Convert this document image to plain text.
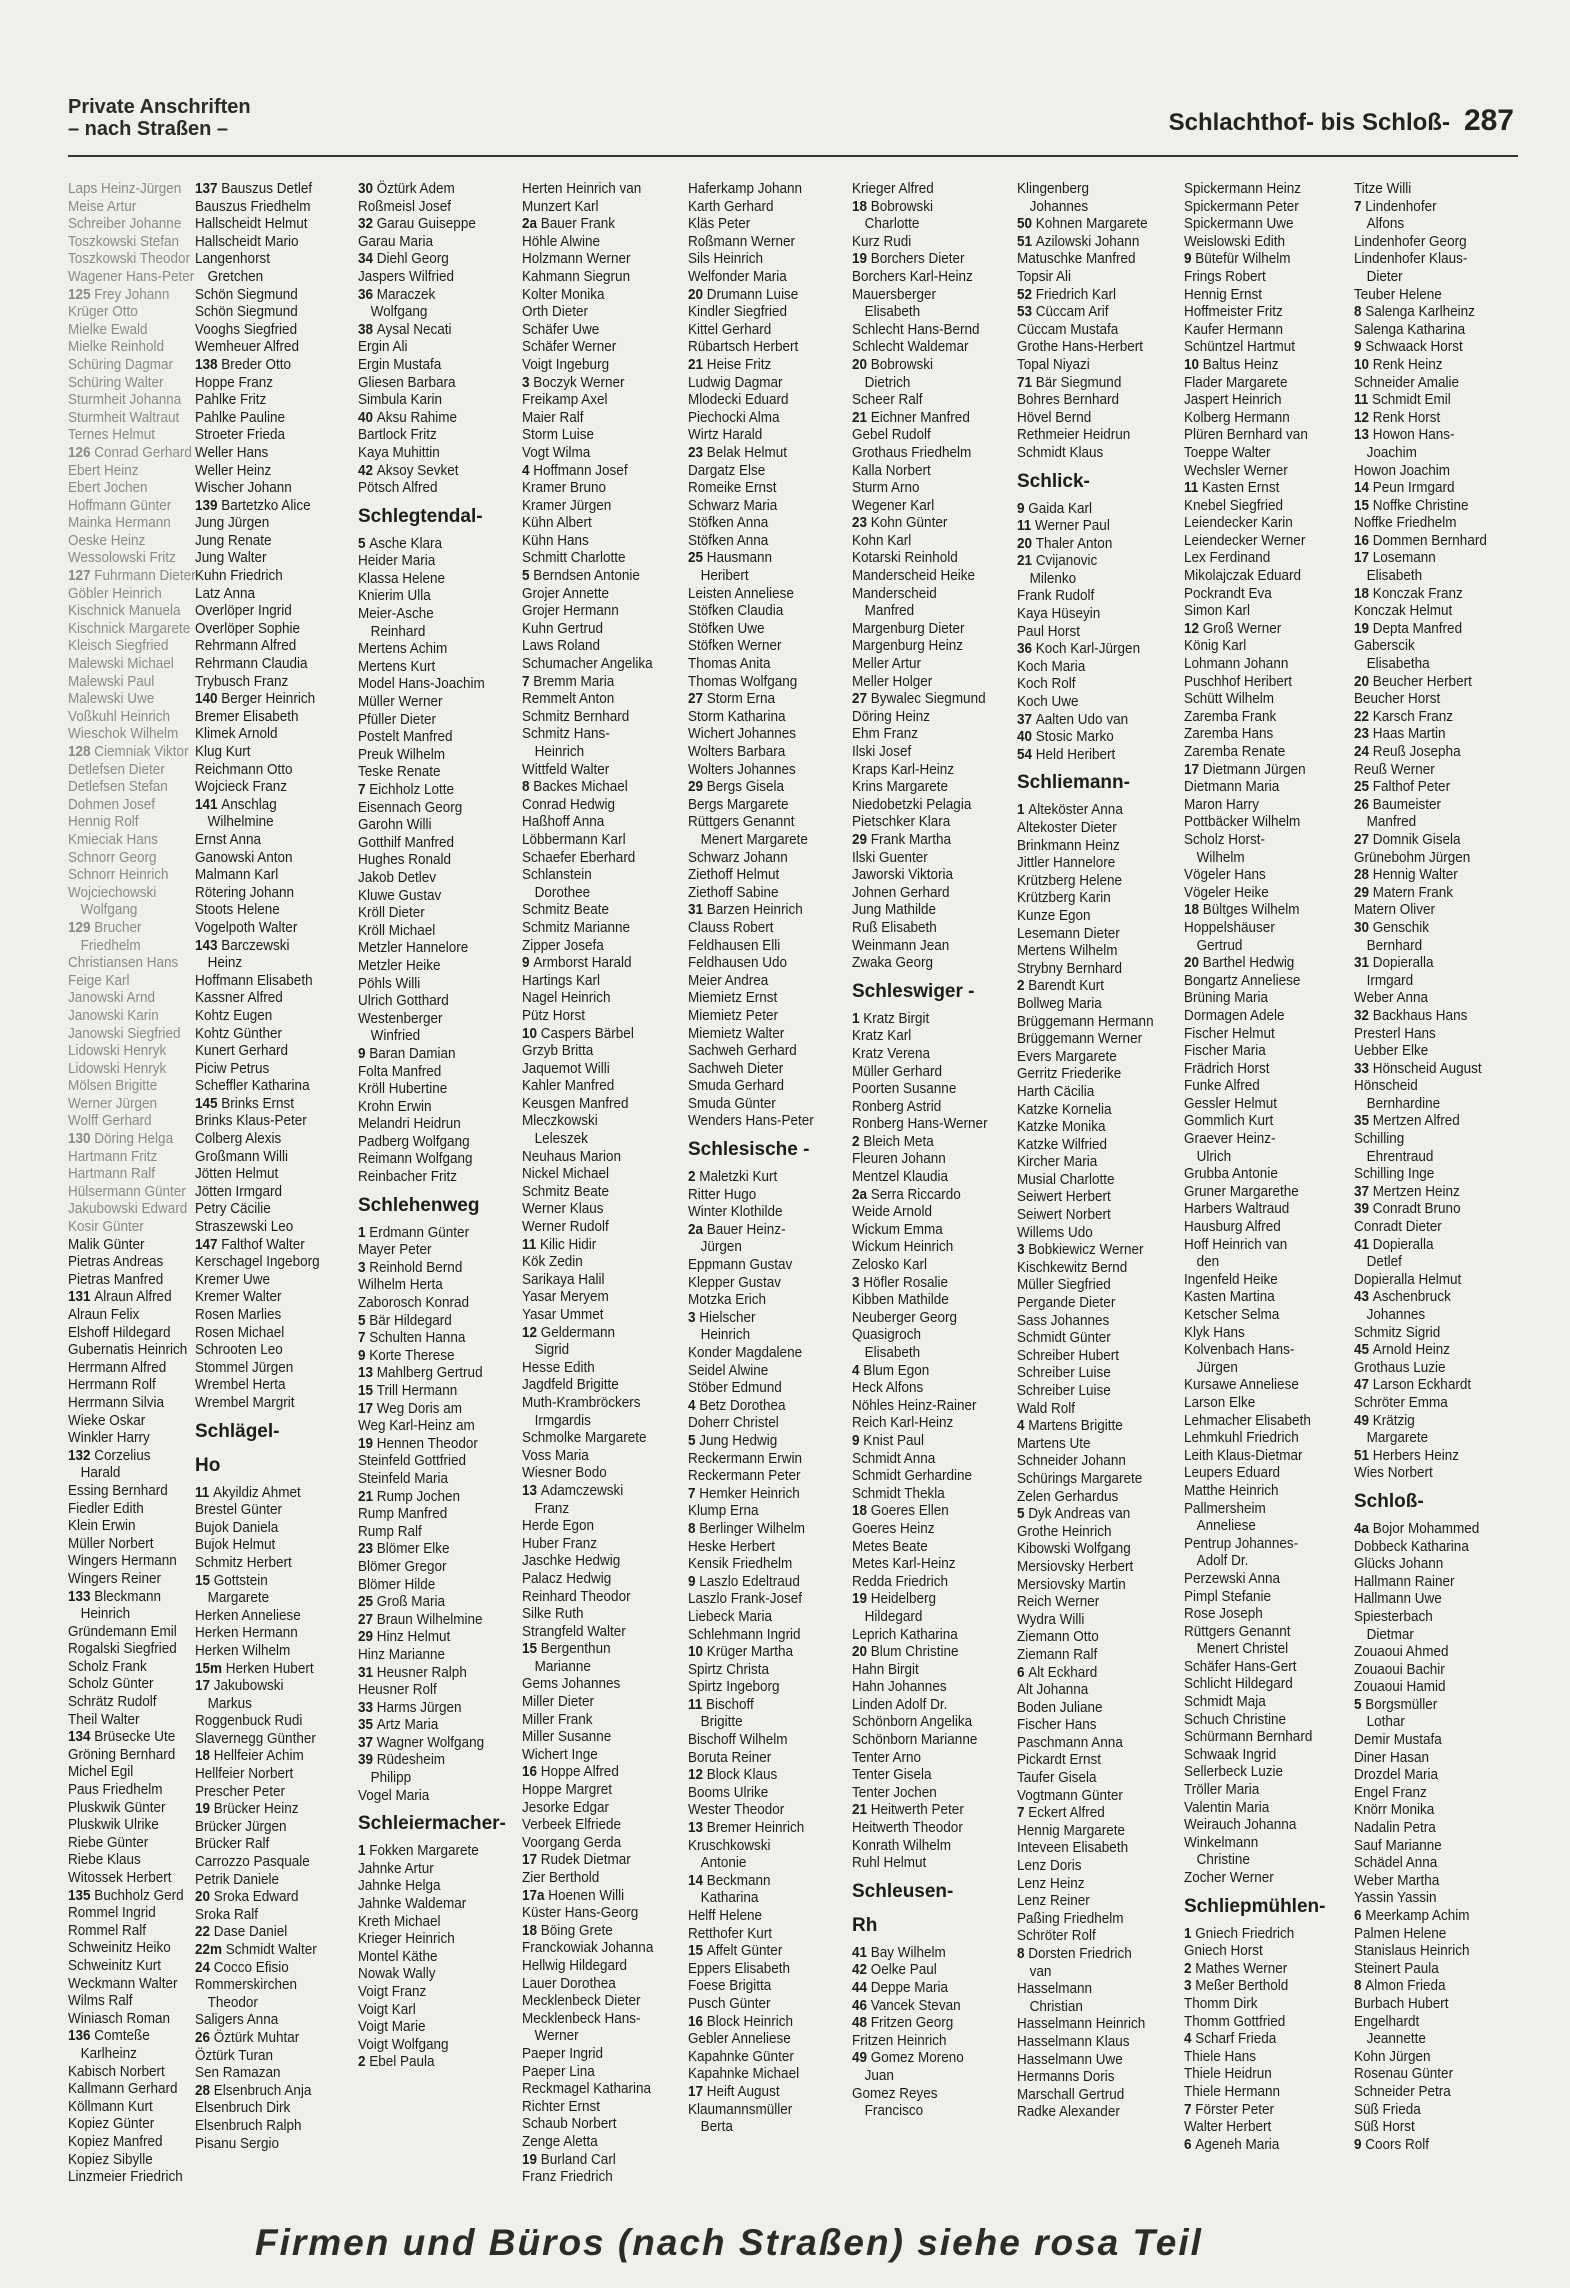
Private Anschriften
– nach Straßen –	Schlachthof- bis Schloß- 287
Laps Heinz-Jürgen
Meise Artur
Schreiber Johanne
Toszkowski Stefan
Toszkowski Theodor
Wagener Hans-Peter
125 Frey Johann
Krüger Otto
Mielke Ewald
Mielke Reinhold
Schüring Dagmar
Schüring Walter
Sturmheit Johanna
Sturmheit Waltraut
Ternes Helmut
126 Conrad Gerhard
Ebert Heinz
Ebert Jochen
Hoffmann Günter
Mainka Hermann
Oeske Heinz
Wessolowski Fritz
127 Fuhrmann Dieter
Göbler Heinrich
Kischnick Manuela
Kischnick Margarete
Kleisch Siegfried
Malewski Michael
Malewski Paul
Malewski Uwe
Voßkuhl Heinrich
Wieschok Wilhelm
128 Ciemniak Viktor
Detlefsen Dieter
Detlefsen Stefan
Dohmen Josef
Hennig Rolf
Kmieciak Hans
Schnorr Georg
Schnorr Heinrich
Wojciechowski
Wolfgang
129 Brucher
Friedhelm
Christiansen Hans
Feige Karl
Janowski Arnd
Janowski Karin
Janowski Siegfried
Lidowski Henryk
Lidowski Henryk
Mölsen Brigitte
Werner Jürgen
Wolff Gerhard
130 Döring Helga
Hartmann Fritz
Hartmann Ralf
Hülsermann Günter
Jakubowski Edward
Kosir Günter
Malik Günter
Pietras Andreas
Pietras Manfred
131 Alraun Alfred
Alraun Felix
Elshoff Hildegard
Gubernatis Heinrich
Herrmann Alfred
Herrmann Rolf
Herrmann Silvia
Wieke Oskar
Winkler Harry
132 Corzelius
Harald
Essing Bernhard
Fiedler Edith
Klein Erwin
Müller Norbert
Wingers Hermann
Wingers Reiner
133 Bleckmann
Heinrich
Gründemann Emil
Rogalski Siegfried
Scholz Frank
Scholz Günter
Schrätz Rudolf
Theil Walter
134 Brüsecke Ute
Gröning Bernhard
Michel Egil
Paus Friedhelm
Pluskwik Günter
Pluskwik Ulrike
Riebe Günter
Riebe Klaus
Witossek Herbert
135 Buchholz Gerd
Rommel Ingrid
Rommel Ralf
Schweinitz Heiko
Schweinitz Kurt
Weckmann Walter
Wilms Ralf
Winiasch Roman
136 Comteße
Karlheinz
Kabisch Norbert
Kallmann Gerhard
Köllmann Kurt
Kopiez Günter
Kopiez Manfred
Kopiez Sibylle
Linzmeier Friedrich
137 Bauszus Detlef
Bauszus Friedhelm
Hallscheidt Helmut
Hallscheidt Mario
Langenhorst
Gretchen
Schön Siegmund
Schön Siegmund
Vooghs Siegfried
Wemheuer Alfred
138 Breder Otto
Hoppe Franz
Pahlke Fritz
Pahlke Pauline
Stroeter Frieda
Weller Hans
Weller Heinz
Wischer Johann
139 Bartetzko Alice
Jung Jürgen
Jung Renate
Jung Walter
Kuhn Friedrich
Latz Anna
Overlöper Ingrid
Overlöper Sophie
Rehrmann Alfred
Rehrmann Claudia
Trybusch Franz
140 Berger Heinrich
Bremer Elisabeth
Klimek Arnold
Klug Kurt
Reichmann Otto
Wojcieck Franz
141 Anschlag
Wilhelmine
Ernst Anna
Ganowski Anton
Malmann Karl
Rötering Johann
Stoots Helene
Vogelpoth Walter
143 Barczewski
Heinz
Hoffmann Elisabeth
Kassner Alfred
Kohtz Eugen
Kohtz Günther
Kunert Gerhard
Piciw Petrus
Scheffler Katharina
145 Brinks Ernst
Brinks Klaus-Peter
Colberg Alexis
Großmann Willi
Jötten Helmut
Jötten Irmgard
Petry Cäcilie
Straszewski Leo
147 Falthof Walter
Kerschagel Ingeborg
Kremer Uwe
Kremer Walter
Rosen Marlies
Rosen Michael
Schrooten Leo
Stommel Jürgen
Wrembel Herta
Wrembel Margrit
Schlägel-
Ho
11 Akyildiz Ahmet
Brestel Günter
Bujok Daniela
Bujok Helmut
Schmitz Herbert
15 Gottstein
Margarete
Herken Anneliese
Herken Hermann
Herken Wilhelm
15m Herken Hubert
17 Jakubowski
Markus
Roggenbuck Rudi
Slavernegg Günther
18 Hellfeier Achim
Hellfeier Norbert
Prescher Peter
19 Brücker Heinz
Brücker Jürgen
Brücker Ralf
Carrozzo Pasquale
Petrik Daniele
20 Sroka Edward
Sroka Ralf
22 Dase Daniel
22m Schmidt Walter
24 Cocco Efisio
Rommerskirchen
Theodor
Saligers Anna
26 Öztürk Muhtar
Öztürk Turan
Sen Ramazan
28 Elsenbruch Anja
Elsenbruch Dirk
Elsenbruch Ralph
Pisanu Sergio
30 Öztürk Adem
Roßmeisl Josef
32 Garau Guiseppe
Garau Maria
34 Diehl Georg
Jaspers Wilfried
36 Maraczek
Wolfgang
38 Aysal Necati
Ergin Ali
Ergin Mustafa
Gliesen Barbara
Simbula Karin
40 Aksu Rahime
Bartlock Fritz
Kaya Muhittin
42 Aksoy Sevket
Pötsch Alfred
Schlegtendal-
5 Asche Klara
Heider Maria
Klassa Helene
Knierim Ulla
Meier-Asche
Reinhard
Mertens Achim
Mertens Kurt
Model Hans-Joachim
Müller Werner
Pfüller Dieter
Postelt Manfred
Preuk Wilhelm
Teske Renate
7 Eichholz Lotte
Eisennach Georg
Garohn Willi
Gotthilf Manfred
Hughes Ronald
Jakob Detlev
Kluwe Gustav
Kröll Dieter
Kröll Michael
Metzler Hannelore
Metzler Heike
Pöhls Willi
Ulrich Gotthard
Westenberger
Winfried
9 Baran Damian
Folta Manfred
Kröll Hubertine
Krohn Erwin
Melandri Heidrun
Padberg Wolfgang
Reimann Wolfgang
Reinbacher Fritz
Schlehenweg
1 Erdmann Günter
Mayer Peter
3 Reinhold Bernd
Wilhelm Herta
Zaborosch Konrad
5 Bär Hildegard
7 Schulten Hanna
9 Korte Therese
13 Mahlberg Gertrud
15 Trill Hermann
17 Weg Doris am
Weg Karl-Heinz am
19 Hennen Theodor
Steinfeld Gottfried
Steinfeld Maria
21 Rump Jochen
Rump Manfred
Rump Ralf
23 Blömer Elke
Blömer Gregor
Blömer Hilde
25 Groß Maria
27 Braun Wilhelmine
29 Hinz Helmut
Hinz Marianne
31 Heusner Ralph
Heusner Rolf
33 Harms Jürgen
35 Artz Maria
37 Wagner Wolfgang
39 Rüdesheim
Philipp
Vogel Maria
Schleiermacher-
1 Fokken Margarete
Jahnke Artur
Jahnke Helga
Jahnke Waldemar
Kreth Michael
Krieger Heinrich
Montel Käthe
Nowak Wally
Voigt Franz
Voigt Karl
Voigt Marie
Voigt Wolfgang
2 Ebel Paula
Herten Heinrich van
Munzert Karl
2a Bauer Frank
Höhle Alwine
Holzmann Werner
Kahmann Siegrun
Kolter Monika
Orth Dieter
Schäfer Uwe
Schäfer Werner
Voigt Ingeburg
3 Boczyk Werner
Freikamp Axel
Maier Ralf
Storm Luise
Vogt Wilma
4 Hoffmann Josef
Kramer Bruno
Kramer Jürgen
Kühn Albert
Kühn Hans
Schmitt Charlotte
5 Berndsen Antonie
Grojer Annette
Grojer Hermann
Kuhn Gertrud
Laws Roland
Schumacher Angelika
7 Bremm Maria
Remmelt Anton
Schmitz Bernhard
Schmitz Hans-
Heinrich
Wittfeld Walter
8 Backes Michael
Conrad Hedwig
Haßhoff Anna
Löbbermann Karl
Schaefer Eberhard
Schlanstein
Dorothee
Schmitz Beate
Schmitz Marianne
Zipper Josefa
9 Armborst Harald
Hartings Karl
Nagel Heinrich
Pütz Horst
10 Caspers Bärbel
Grzyb Britta
Jaquemot Willi
Kahler Manfred
Keusgen Manfred
Mleczkowski
Leleszek
Neuhaus Marion
Nickel Michael
Schmitz Beate
Werner Klaus
Werner Rudolf
11 Kilic Hidir
Kök Zedin
Sarikaya Halil
Yasar Meryem
Yasar Ummet
12 Geldermann
Sigrid
Hesse Edith
Jagdfeld Brigitte
Muth-Krambröckers
Irmgardis
Schmolke Margarete
Voss Maria
Wiesner Bodo
13 Adamczewski
Franz
Herde Egon
Huber Franz
Jaschke Hedwig
Palacz Hedwig
Reinhard Theodor
Silke Ruth
Strangfeld Walter
15 Bergenthun
Marianne
Gems Johannes
Miller Dieter
Miller Frank
Miller Susanne
Wichert Inge
16 Hoppe Alfred
Hoppe Margret
Jesorke Edgar
Verbeek Elfriede
Voorgang Gerda
17 Rudek Dietmar
Zier Berthold
17a Hoenen Willi
Küster Hans-Georg
18 Böing Grete
Franckowiak Johanna
Hellwig Hildegard
Lauer Dorothea
Mecklenbeck Dieter
Mecklenbeck Hans-
Werner
Paeper Ingrid
Paeper Lina
Reckmagel Katharina
Richter Ernst
Schaub Norbert
Zenge Aletta
19 Burland Carl
Franz Friedrich
Haferkamp Johann
Karth Gerhard
Kläs Peter
Roßmann Werner
Sils Heinrich
Welfonder Maria
20 Drumann Luise
Kindler Siegfried
Kittel Gerhard
Rübartsch Herbert
21 Heise Fritz
Ludwig Dagmar
Mlodecki Eduard
Piechocki Alma
Wirtz Harald
23 Belak Helmut
Dargatz Else
Romeike Ernst
Schwarz Maria
Stöfken Anna
Stöfken Anna
25 Hausmann
Heribert
Leisten Anneliese
Stöfken Claudia
Stöfken Uwe
Stöfken Werner
Thomas Anita
Thomas Wolfgang
27 Storm Erna
Storm Katharina
Wichert Johannes
Wolters Barbara
Wolters Johannes
29 Bergs Gisela
Bergs Margarete
Rüttgers Genannt
Menert Margarete
Schwarz Johann
Ziethoff Helmut
Ziethoff Sabine
31 Barzen Heinrich
Clauss Robert
Feldhausen Elli
Feldhausen Udo
Meier Andrea
Miemietz Ernst
Miemietz Peter
Miemietz Walter
Sachweh Gerhard
Sachweh Dieter
Smuda Gerhard
Smuda Günter
Wenders Hans-Peter
Schlesische -
2 Maletzki Kurt
Ritter Hugo
Winter Klothilde
2a Bauer Heinz-
Jürgen
Eppmann Gustav
Klepper Gustav
Motzka Erich
3 Hielscher
Heinrich
Konder Magdalene
Seidel Alwine
Stöber Edmund
4 Betz Dorothea
Doherr Christel
5 Jung Hedwig
Reckermann Erwin
Reckermann Peter
7 Hemker Heinrich
Klump Erna
8 Berlinger Wilhelm
Heske Herbert
Kensik Friedhelm
9 Laszlo Edeltraud
Laszlo Frank-Josef
Liebeck Maria
Schlehmann Ingrid
10 Krüger Martha
Spirtz Christa
Spirtz Ingeborg
11 Bischoff
Brigitte
Bischoff Wilhelm
Boruta Reiner
12 Block Klaus
Booms Ulrike
Wester Theodor
13 Bremer Heinrich
Kruschkowski
Antonie
14 Beckmann
Katharina
Helff Helene
Retthofer Kurt
15 Affelt Günter
Eppers Elisabeth
Foese Brigitta
Pusch Günter
16 Block Heinrich
Gebler Anneliese
Kapahnke Günter
Kapahnke Michael
17 Heift August
Klaumannsmüller
Berta
Krieger Alfred
18 Bobrowski
Charlotte
Kurz Rudi
19 Borchers Dieter
Borchers Karl-Heinz
Mauersberger
Elisabeth
Schlecht Hans-Bernd
Schlecht Waldemar
20 Bobrowski
Dietrich
Scheer Ralf
21 Eichner Manfred
Gebel Rudolf
Grothaus Friedhelm
Kalla Norbert
Sturm Arno
Wegener Karl
23 Kohn Günter
Kohn Karl
Kotarski Reinhold
Manderscheid Heike
Manderscheid
Manfred
Margenburg Dieter
Margenburg Heinz
Meller Artur
Meller Holger
27 Bywalec Siegmund
Döring Heinz
Ehm Franz
Ilski Josef
Kraps Karl-Heinz
Krins Margarete
Niedobetzki Pelagia
Pietschker Klara
29 Frank Martha
Ilski Guenter
Jaworski Viktoria
Johnen Gerhard
Jung Mathilde
Ruß Elisabeth
Weinmann Jean
Zwaka Georg
Schleswiger -
1 Kratz Birgit
Kratz Karl
Kratz Verena
Müller Gerhard
Poorten Susanne
Ronberg Astrid
Ronberg Hans-Werner
2 Bleich Meta
Fleuren Johann
Mentzel Klaudia
2a Serra Riccardo
Weide Arnold
Wickum Emma
Wickum Heinrich
Zelosko Karl
3 Höfler Rosalie
Kibben Mathilde
Neuberger Georg
Quasigroch
Elisabeth
4 Blum Egon
Heck Alfons
Nöhles Heinz-Rainer
Reich Karl-Heinz
9 Knist Paul
Schmidt Anna
Schmidt Gerhardine
Schmidt Thekla
18 Goeres Ellen
Goeres Heinz
Metes Beate
Metes Karl-Heinz
Redda Friedrich
19 Heidelberg
Hildegard
Leprich Katharina
20 Blum Christine
Hahn Birgit
Hahn Johannes
Linden Adolf Dr.
Schönborn Angelika
Schönborn Marianne
Tenter Arno
Tenter Gisela
Tenter Jochen
21 Heitwerth Peter
Heitwerth Theodor
Konrath Wilhelm
Ruhl Helmut
Schleusen-
Rh
41 Bay Wilhelm
42 Oelke Paul
44 Deppe Maria
46 Vancek Stevan
48 Fritzen Georg
Fritzen Heinrich
49 Gomez Moreno
Juan
Gomez Reyes
Francisco
Klingenberg
Johannes
50 Kohnen Margarete
51 Azilowski Johann
Matuschke Manfred
Topsir Ali
52 Friedrich Karl
53 Cüccam Arif
Cüccam Mustafa
Grothe Hans-Herbert
Topal Niyazi
71 Bär Siegmund
Bohres Bernhard
Hövel Bernd
Rethmeier Heidrun
Schmidt Klaus
Schlick-
9 Gaida Karl
11 Werner Paul
20 Thaler Anton
21 Cvijanovic
Milenko
Frank Rudolf
Kaya Hüseyin
Paul Horst
36 Koch Karl-Jürgen
Koch Maria
Koch Rolf
Koch Uwe
37 Aalten Udo van
40 Stosic Marko
54 Held Heribert
Schliemann-
1 Alteköster Anna
Altekoster Dieter
Brinkmann Heinz
Jittler Hannelore
Krützberg Helene
Krützberg Karin
Kunze Egon
Lesemann Dieter
Mertens Wilhelm
Strybny Bernhard
2 Barendt Kurt
Bollweg Maria
Brüggemann Hermann
Brüggemann Werner
Evers Margarete
Gerritz Friederike
Harth Cäcilia
Katzke Kornelia
Katzke Monika
Katzke Wilfried
Kircher Maria
Musial Charlotte
Seiwert Herbert
Seiwert Norbert
Willems Udo
3 Bobkiewicz Werner
Kischkewitz Bernd
Müller Siegfried
Pergande Dieter
Sass Johannes
Schmidt Günter
Schreiber Hubert
Schreiber Luise
Schreiber Luise
Wald Rolf
4 Martens Brigitte
Martens Ute
Schneider Johann
Schürings Margarete
Zelen Gerhardus
5 Dyk Andreas van
Grothe Heinrich
Kibowski Wolfgang
Mersiovsky Herbert
Mersiovsky Martin
Reich Werner
Wydra Willi
Ziemann Otto
Ziemann Ralf
6 Alt Eckhard
Alt Johanna
Boden Juliane
Fischer Hans
Paschmann Anna
Pickardt Ernst
Taufer Gisela
Vogtmann Günter
7 Eckert Alfred
Hennig Margarete
Inteveen Elisabeth
Lenz Doris
Lenz Heinz
Lenz Reiner
Paßing Friedhelm
Schröter Rolf
8 Dorsten Friedrich
van
Hasselmann
Christian
Hasselmann Heinrich
Hasselmann Klaus
Hasselmann Uwe
Hermanns Doris
Marschall Gertrud
Radke Alexander
Spickermann Heinz
Spickermann Peter
Spickermann Uwe
Weislowski Edith
9 Bütefür Wilhelm
Frings Robert
Hennig Ernst
Hoffmeister Fritz
Kaufer Hermann
Schüntzel Hartmut
10 Baltus Heinz
Flader Margarete
Jaspert Heinrich
Kolberg Hermann
Plüren Bernhard van
Toeppe Walter
Wechsler Werner
11 Kasten Ernst
Knebel Siegfried
Leiendecker Karin
Leiendecker Werner
Lex Ferdinand
Mikolajczak Eduard
Pockrandt Eva
Simon Karl
12 Groß Werner
König Karl
Lohmann Johann
Puschhof Heribert
Schütt Wilhelm
Zaremba Frank
Zaremba Hans
Zaremba Renate
17 Dietmann Jürgen
Dietmann Maria
Maron Harry
Pottbäcker Wilhelm
Scholz Horst-
Wilhelm
Vögeler Hans
Vögeler Heike
18 Bültges Wilhelm
Hoppelshäuser
Gertrud
20 Barthel Hedwig
Bongartz Anneliese
Brüning Maria
Dormagen Adele
Fischer Helmut
Fischer Maria
Frädrich Horst
Funke Alfred
Gessler Helmut
Gommlich Kurt
Graever Heinz-
Ulrich
Grubba Antonie
Gruner Margarethe
Harbers Waltraud
Hausburg Alfred
Hoff Heinrich van
den
Ingenfeld Heike
Kasten Martina
Ketscher Selma
Klyk Hans
Kolvenbach Hans-
Jürgen
Kursawe Anneliese
Larson Elke
Lehmacher Elisabeth
Lehmkuhl Friedrich
Leith Klaus-Dietmar
Leupers Eduard
Matthe Heinrich
Pallmersheim
Anneliese
Pentrup Johannes-
Adolf Dr.
Perzewski Anna
Pimpl Stefanie
Rose Joseph
Rüttgers Genannt
Menert Christel
Schäfer Hans-Gert
Schlicht Hildegard
Schmidt Maja
Schuch Christine
Schürmann Bernhard
Schwaak Ingrid
Sellerbeck Luzie
Tröller Maria
Valentin Maria
Weirauch Johanna
Winkelmann
Christine
Zocher Werner
Schliepmühlen-
1 Gniech Friedrich
Gniech Horst
2 Mathes Werner
3 Meßer Berthold
Thomm Dirk
Thomm Gottfried
4 Scharf Frieda
Thiele Hans
Thiele Heidrun
Thiele Hermann
7 Förster Peter
Walter Herbert
6 Ageneh Maria
Titze Willi
7 Lindenhofer
Alfons
Lindenhofer Georg
Lindenhofer Klaus-
Dieter
Teuber Helene
8 Salenga Karlheinz
Salenga Katharina
9 Schwaack Horst
10 Renk Heinz
Schneider Amalie
11 Schmidt Emil
12 Renk Horst
13 Howon Hans-
Joachim
Howon Joachim
14 Peun Irmgard
15 Noffke Christine
Noffke Friedhelm
16 Dommen Bernhard
17 Losemann
Elisabeth
18 Konczak Franz
Konczak Helmut
19 Depta Manfred
Gaberscik
Elisabetha
20 Beucher Herbert
Beucher Horst
22 Karsch Franz
23 Haas Martin
24 Reuß Josepha
Reuß Werner
25 Falthof Peter
26 Baumeister
Manfred
27 Domnik Gisela
Grünebohm Jürgen
28 Hennig Walter
29 Matern Frank
Matern Oliver
30 Genschik
Bernhard
31 Dopieralla
Irmgard
Weber Anna
32 Backhaus Hans
Presterl Hans
Uebber Elke
33 Hönscheid August
Hönscheid
Bernhardine
35 Mertzen Alfred
Schilling
Ehrentraud
Schilling Inge
37 Mertzen Heinz
39 Conradt Bruno
Conradt Dieter
41 Dopieralla
Detlef
Dopieralla Helmut
43 Aschenbruck
Johannes
Schmitz Sigrid
45 Arnold Heinz
Grothaus Luzie
47 Larson Eckhardt
Schröter Emma
49 Krätzig
Margarete
51 Herbers Heinz
Wies Norbert
Schloß-
4a Bojor Mohammed
Dobbeck Katharina
Glücks Johann
Hallmann Rainer
Hallmann Uwe
Spiesterbach
Dietmar
Zouaoui Ahmed
Zouaoui Bachir
Zouaoui Hamid
5 Borgsmüller
Lothar
Demir Mustafa
Diner Hasan
Drozdel Maria
Engel Franz
Knörr Monika
Nadalin Petra
Sauf Marianne
Schädel Anna
Weber Martha
Yassin Yassin
6 Meerkamp Achim
Palmen Helene
Stanislaus Heinrich
Steinert Paula
8 Almon Frieda
Burbach Hubert
Engelhardt
Jeannette
Kohn Jürgen
Rosenau Günter
Schneider Petra
Süß Frieda
Süß Horst
9 Coors Rolf
Firmen und Büros (nach Straßen) siehe rosa Teil
